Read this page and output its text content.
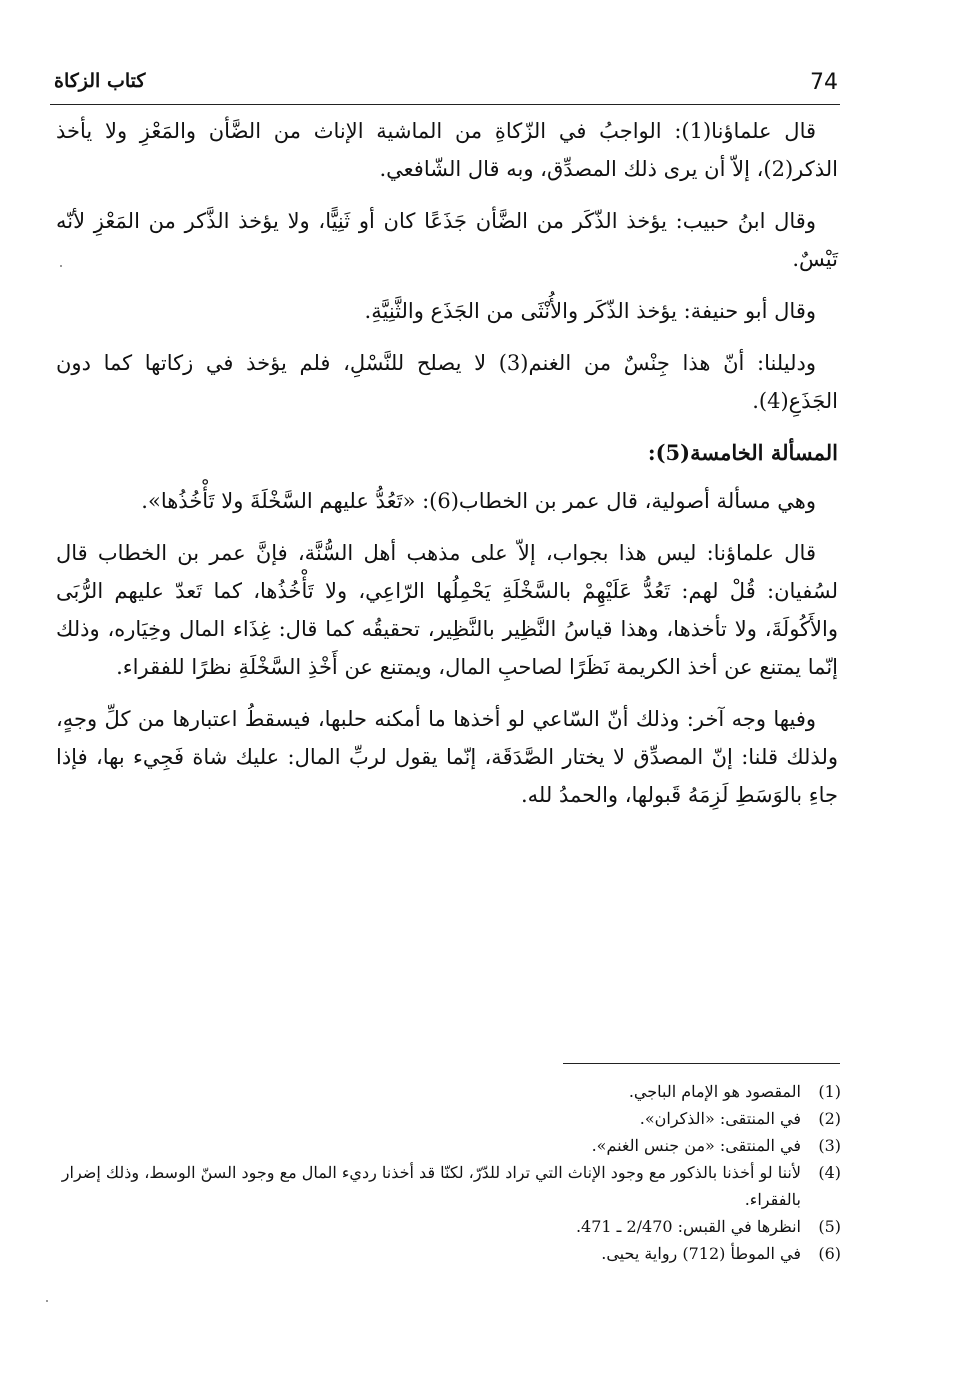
74
كتاب الزكاة

قال علماؤنا(1): الواجبُ في الزّكاةِ من الماشية الإناث من الضَّأن والمَعْزِ ولا يأخذ الذكر(2)، إلاّ أن يرى ذلك المصدِّق، وبه قال الشّافعي.

وقال ابنُ حبيب: يؤخذ الذّكَر من الضَّأن جَذَعًا كان أو ثَنِيًّا، ولا يؤخذ الذَّكر من المَعْزِ لأنّه تَيْسٌ.

وقال أبو حنيفة: يؤخذ الذّكَر والأُنْثَى من الجَذَع والثَّنِيَّةِ.

ودليلنا: أنّ هذا جِنْسٌ من الغنم(3) لا يصلح للنَّسْلِ، فلم يؤخذ في زكاتها كما دون الجَذَعِ(4).

المسألة الخامسة(5):

وهي مسألة أصولية، قال عمر بن الخطاب(6): «تَعُدُّ عليهم السَّخْلَةَ ولا تَأْخُذُها».

قال علماؤنا: ليس هذا بجواب، إلاّ على مذهب أهل السُّنَّة، فإنَّ عمر بن الخطاب قال لسُفيان: قُلْ لهم: تَعُدُّ عَلَيْهِمْ بالسَّخْلَةِ يَحْمِلُها الرّاعِي، ولا تَأْخُذُها، كما تَعدّ عليهم الرُّبَى والأَكُولَةَ، ولا تأخذها، وهذا قياسُ النَّظِير بالنَّظِير، تحقيقُه كما قال: غِذَاء المال وخِيَاره، وذلك إنّما يمتنع عن أخذ الكريمة نَظَرًا لصاحبِ المال، ويمتنع عن أَخْذِ السَّخْلَةِ نظرًا للفقراء.

وفيها وجه آخر: وذلك أنّ السّاعي لو أخذها ما أمكنه حلبها، فيسقطُ اعتبارها من كلِّ وجهٍ، ولذلك قلنا: إنّ المصدِّق لا يختار الصَّدَقَة، إنّما يقول لربِّ المال: عليك شاة فَجِيء بها، فإذا جاءِ بالوَسَطِ لَزِمَهُ قَبولها، والحمدُ لله.

(1)
المقصود هو الإمام الباجي.
(2)
في المنتقى: «الذكران».
(3)
في المنتقى: «من جنس الغنم».
(4)
لأننا لو أخذنا بالذكور مع وجود الإناث التي تراد للدّرّ، لكنّا قد أخذنا رديء المال مع وجود السنّ الوسط، وذلك إضرار بالفقراء.
(5)
انظرها في القبس: 2/470 ـ 471.
(6)
في الموطأ (712) رواية يحيى.
